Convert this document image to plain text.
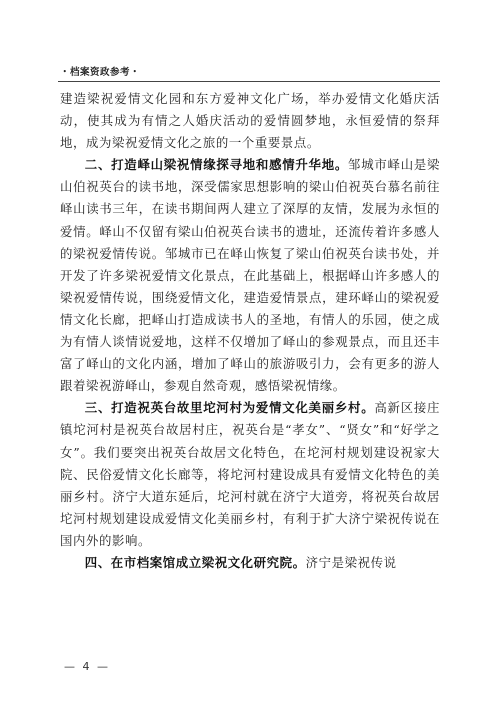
・档案资政参考・

建造梁祝爱情文化园和东方爱神文化广场，举办爱情文化婚庆活动，使其成为有情之人婚庆活动的爱情圆梦地，永恒爱情的祭拜地，成为梁祝爱情文化之旅的一个重要景点。

二、打造峄山梁祝情缘探寻地和感情升华地。邹城市峄山是梁山伯祝英台的读书地，深受儒家思想影响的梁山伯祝英台慕名前往峄山读书三年，在读书期间两人建立了深厚的友情，发展为永恒的爱情。峄山不仅留有梁山伯祝英台读书的遗址，还流传着许多感人的梁祝爱情传说。邹城市已在峄山恢复了梁山伯祝英台读书处，并开发了许多梁祝爱情文化景点，在此基础上，根据峄山许多感人的梁祝爱情传说，围绕爱情文化，建造爱情景点，建环峄山的梁祝爱情文化长廊，把峄山打造成读书人的圣地，有情人的乐园，使之成为有情人谈情说爱地，这样不仅增加了峄山的参观景点，而且还丰富了峄山的文化内涵，增加了峄山的旅游吸引力，会有更多的游人跟着梁祝游峄山，参观自然奇观，感悟梁祝情缘。

三、打造祝英台故里坨河村为爱情文化美丽乡村。高新区接庄镇坨河村是祝英台故居村庄，祝英台是“孝女”、“贤女”和“好学之女”。我们要突出祝英台故居文化特色，在坨河村规划建设祝家大院、民俗爱情文化长廊等，将坨河村建设成具有爱情文化特色的美丽乡村。济宁大道东延后，坨河村就在济宁大道旁，将祝英台故居坨河村规划建设成爱情文化美丽乡村，有利于扩大济宁梁祝传说在国内外的影响。

四、在市档案馆成立梁祝文化研究院。济宁是梁祝传说

— 4 —
